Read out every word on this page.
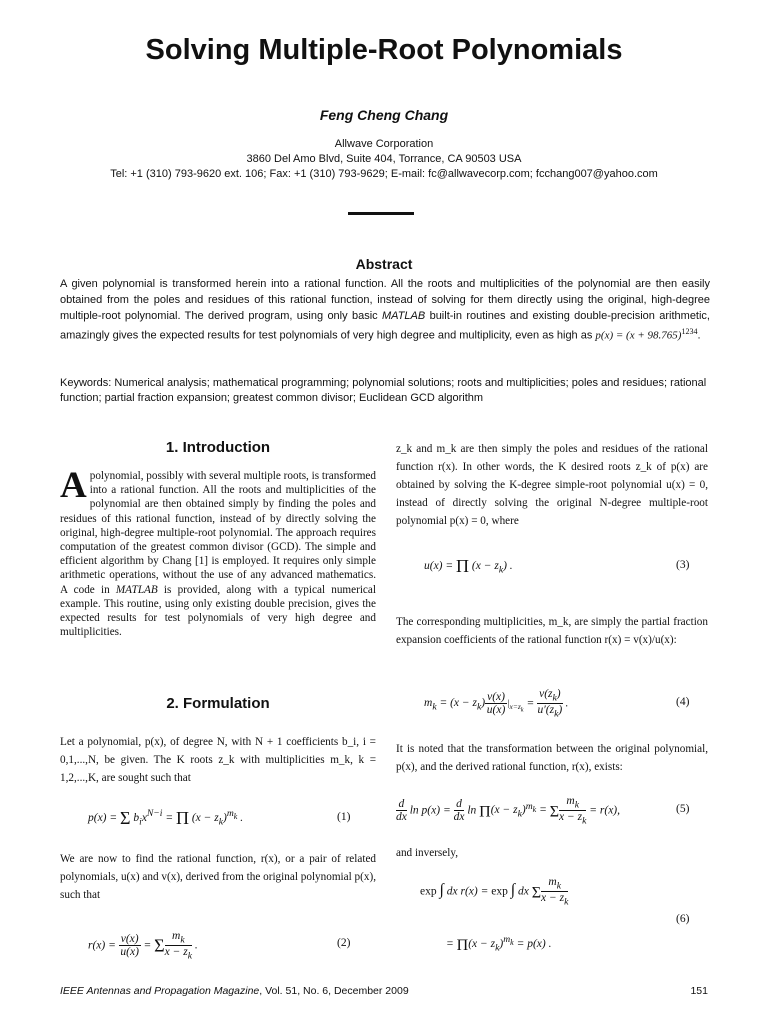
Solving Multiple-Root Polynomials
Feng Cheng Chang
Allwave Corporation
3860 Del Amo Blvd, Suite 404, Torrance, CA 90503 USA
Tel: +1 (310) 793-9620 ext. 106; Fax: +1 (310) 793-9629; E-mail: fc@allwavecorp.com; fcchang007@yahoo.com
Abstract
A given polynomial is transformed herein into a rational function. All the roots and multiplicities of the polynomial are then easily obtained from the poles and residues of this rational function, instead of solving for them directly using the original, high-degree multiple-root polynomial. The derived program, using only basic MATLAB built-in routines and existing double-precision arithmetic, amazingly gives the expected results for test polynomials of very high degree and multiplicity, even as high as $p(x) = (x + 98.765)^{1234}$.
Keywords: Numerical analysis; mathematical programming; polynomial solutions; roots and multiplicities; poles and residues; rational function; partial fraction expansion; greatest common divisor; Euclidean GCD algorithm
1. Introduction
A polynomial, possibly with several multiple roots, is transformed into a rational function. All the roots and multiplicities of the polynomial are then obtained simply by finding the poles and residues of this rational function, instead of by directly solving the original, high-degree multiple-root polynomial. The approach requires computation of the greatest common divisor (GCD). The simple and efficient algorithm by Chang [1] is employed. It requires only simple arithmetic operations, without the use of any advanced mathematics. A code in MATLAB is provided, along with a typical numerical example. This routine, using only existing double precision, gives the expected results for test polynomials of very high degree and multiplicities.
2. Formulation
Let a polynomial, p(x), of degree N, with N + 1 coefficients b_i, i = 0,1,...,N, be given. The K roots z_k with multiplicities m_k, k = 1,2,...,K, are sought such that
p(x) = Σ $b_ix^{N-i} = \Pi$ $(x - z_k)^{m_k}$ .	(1)
We are now to find the rational function, r(x), or a pair of related polynomials, u(x) and v(x), derived from the original polynomial p(x), such that
$r(x) = \frac{v(x)}{u(x)} = \Sigma \frac{m_k}{x - z_k}$ .	(2)
z_k and m_k are then simply the poles and residues of the rational function r(x). In other words, the K desired roots z_k of p(x) are obtained by solving the K-degree simple-root polynomial u(x) = 0, instead of directly solving the original N-degree multiple-root polynomial p(x) = 0, where
u(x) = Π $(x - z_k)$ .	(3)
The corresponding multiplicities, m_k, are simply the partial fraction expansion coefficients of the rational function r(x) = v(x)/u(x):
$m_k = (x - z_k) \frac{v(x)}{u(x)} |_{x=z_k} = \frac{v(z_k)}{u'(z_k)}$ .	(4)
It is noted that the transformation between the original polynomial, p(x), and the derived rational function, r(x), exists:
$\frac{d}{dx}$ $\ln p(x) = \frac{d}{dx}$ $\ln \Pi(x - z_k)^{m_k} = \Sigma \frac{m_k}{x - z_k} = r(x)$,	(5)
and inversely,
exp ∫ dx r(x) = exp ∫ dx Σ $\frac{m_k}{x - z_k}$
(6)
= $\Pi(x - z_k)^{m_k} = p(x)$ .
IEEE Antennas and Propagation Magazine, Vol. 51, No. 6, December 2009	151
